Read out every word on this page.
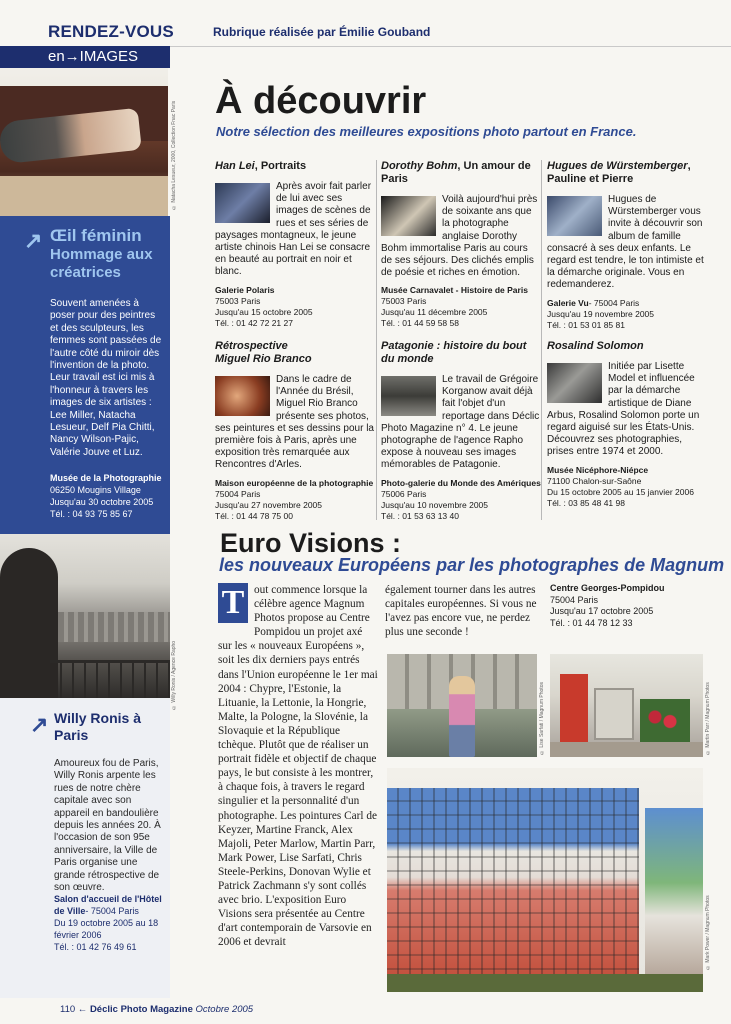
RENDEZ-VOUS
en→IMAGES
Rubrique réalisée par Émilie Gouband
© Natacha Lesueur, 2000, Collection Fnac Paris
↗ Œil féminin
Hommage aux créatrices
Souvent amenées à poser pour des peintres et des sculpteurs, les femmes sont passées de l'autre côté du miroir dès l'invention de la photo. Leur travail est ici mis à l'honneur à travers les images de six artistes : Lee Miller, Natacha Lesueur, Delf Pia Chitti, Nancy Wilson-Pajic, Valérie Jouve et Luz.
Musée de la Photographie
06250 Mougins Village
Jusqu'au 30 octobre 2005
Tél. : 04 93 75 85 67
© Willy Ronis / Agence Rapho
↗ Willy Ronis à Paris
Amoureux fou de Paris, Willy Ronis arpente les rues de notre chère capitale avec son appareil en bandoulière depuis les années 20. À l'occasion de son 95e anniversaire, la Ville de Paris organise une grande rétrospective de son œuvre.
Salon d'accueil de l'Hôtel de Ville- 75004 Paris
Du 19 octobre 2005 au 18 février 2006
Tél. : 01 42 76 49 61
À découvrir
Notre sélection des meilleures expositions photo partout en France.
Han Lei, Portraits
Après avoir fait parler de lui avec ses images de scènes de rues et ses séries de paysages montagneux, le jeune artiste chinois Han Lei se consacre en beauté au portrait en noir et blanc.
Galerie Polaris
75003 Paris
Jusqu'au 15 octobre 2005
Tél. : 01 42 72 21 27
Dorothy Bohm, Un amour de Paris
Voilà aujourd'hui près de soixante ans que la photographe anglaise Dorothy Bohm immortalise Paris au cours de ses séjours. Des clichés emplis de poésie et riches en émotion.
Musée Carnavalet - Histoire de Paris
75003 Paris
Jusqu'au 11 décembre 2005
Tél. : 01 44 59 58 58
Hugues de Würstemberger, Pauline et Pierre
Hugues de Würstemberger vous invite à découvrir son album de famille consacré à ses deux enfants. Le regard est tendre, le ton intimiste et la démarche originale. Vous en redemanderez.
Galerie Vu- 75004 Paris
Jusqu'au 19 novembre 2005
Tél. : 01 53 01 85 81
Rétrospective
Miguel Rio Branco
Dans le cadre de l'Année du Brésil, Miguel Rio Branco présente ses photos, ses peintures et ses dessins pour la première fois à Paris, après une exposition très remarquée aux Rencontres d'Arles.
Maison européenne de la photographie
75004 Paris
Jusqu'au 27 novembre 2005
Tél. : 01 44 78 75 00
Patagonie : histoire du bout du monde
Le travail de Grégoire Korganow avait déjà fait l'objet d'un reportage dans Déclic Photo Magazine n° 4. Le jeune photographe de l'agence Rapho expose à nouveau ses images mémorables de Patagonie.
Photo-galerie du Monde des Amériques
75006 Paris
Jusqu'au 10 novembre 2005
Tél. : 01 53 63 13 40
Rosalind Solomon
Initiée par Lisette Model et influencée par la démarche artistique de Diane Arbus, Rosalind Solomon porte un regard aiguisé sur les États-Unis. Découvrez ses photographies, prises entre 1974 et 2000.
Musée Nicéphore-Niépce
71100 Chalon-sur-Saône
Du 15 octobre 2005 au 15 janvier 2006
Tél. : 03 85 48 41 98
Euro Visions :
les nouveaux Européens par les photographes de Magnum
T out commence lorsque la célèbre agence Magnum Photos propose au Centre Pompidou un projet axé sur les « nouveaux Européens », soit les dix derniers pays entrés dans l'Union européenne le 1er mai 2004 : Chypre, l'Estonie, la Lituanie, la Lettonie, la Hongrie, Malte, la Pologne, la Slovénie, la Slovaquie et la République tchèque. Plutôt que de réaliser un portrait fidèle et objectif de chaque pays, le but consiste à les montrer, à chaque fois, à travers le regard singulier et la personnalité d'un photographe. Les pointures Carl de Keyzer, Martine Franck, Alex Majoli, Peter Marlow, Martin Parr, Mark Power, Lise Sarfati, Chris Steele-Perkins, Donovan Wylie et Patrick Zachmann s'y sont collés avec brio. L'exposition Euro Visions sera présentée au Centre d'art contemporain de Varsovie en 2006 et devrait
également tourner dans les autres capitales européennes. Si vous ne l'avez pas encore vue, ne perdez plus une seconde !
Centre Georges-Pompidou
75004 Paris
Jusqu'au 17 octobre 2005
Tél. : 01 44 78 12 33
© Lise Sarfati / Magnum Photos	© Martin Parr / Magnum Photos
© Mark Power / Magnum Photos
110 ← Déclic Photo Magazine Octobre 2005
